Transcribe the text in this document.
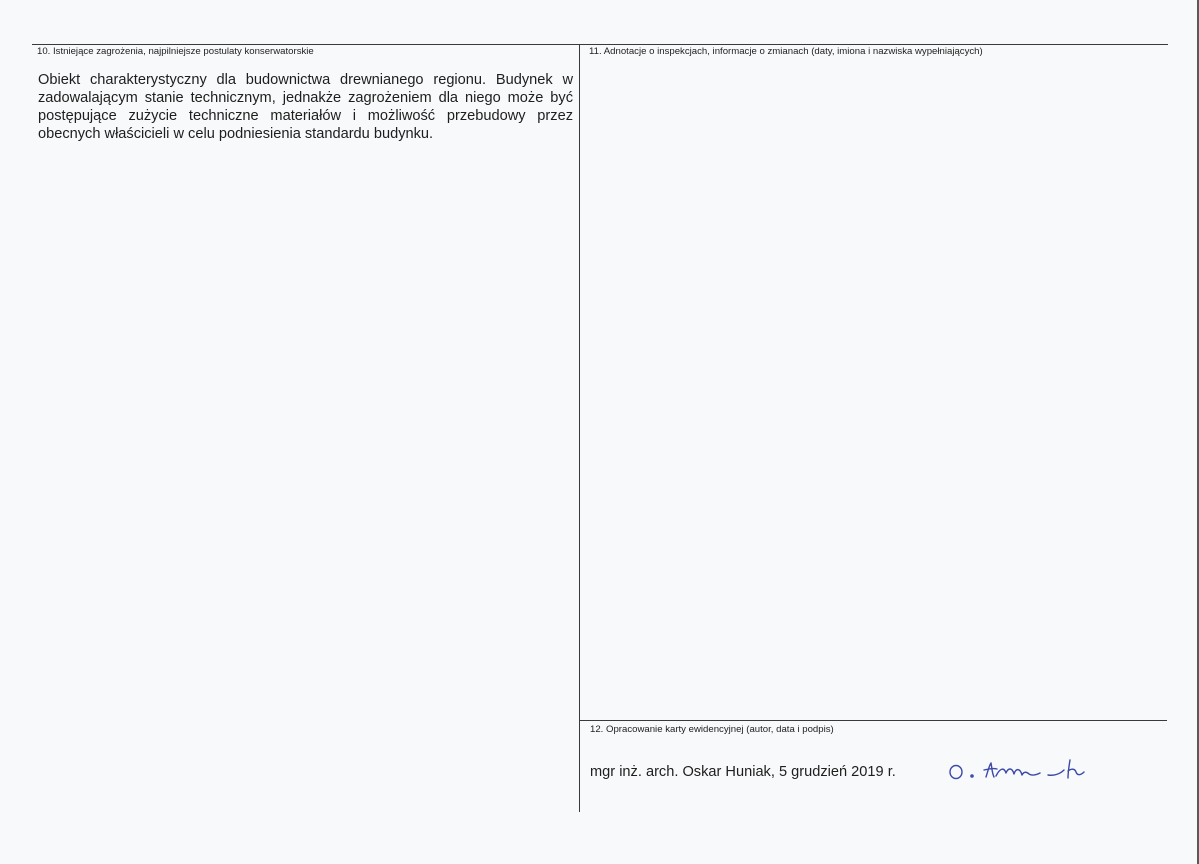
10. Istniejące zagrożenia, najpilniejsze postulaty konserwatorskie
Obiekt charakterystyczny dla budownictwa drewnianego regionu. Budynek w zadowalającym stanie technicznym, jednakże zagrożeniem dla niego może być postępujące zużycie techniczne materiałów i możliwość przebudowy przez obecnych właścicieli w celu podniesienia standardu budynku.
11. Adnotacje o inspekcjach, informacje o zmianach (daty, imiona i nazwiska wypełniających)
12. Opracowanie karty ewidencyjnej (autor, data i podpis)
mgr inż. arch. Oskar Huniak, 5 grudzień 2019 r.
